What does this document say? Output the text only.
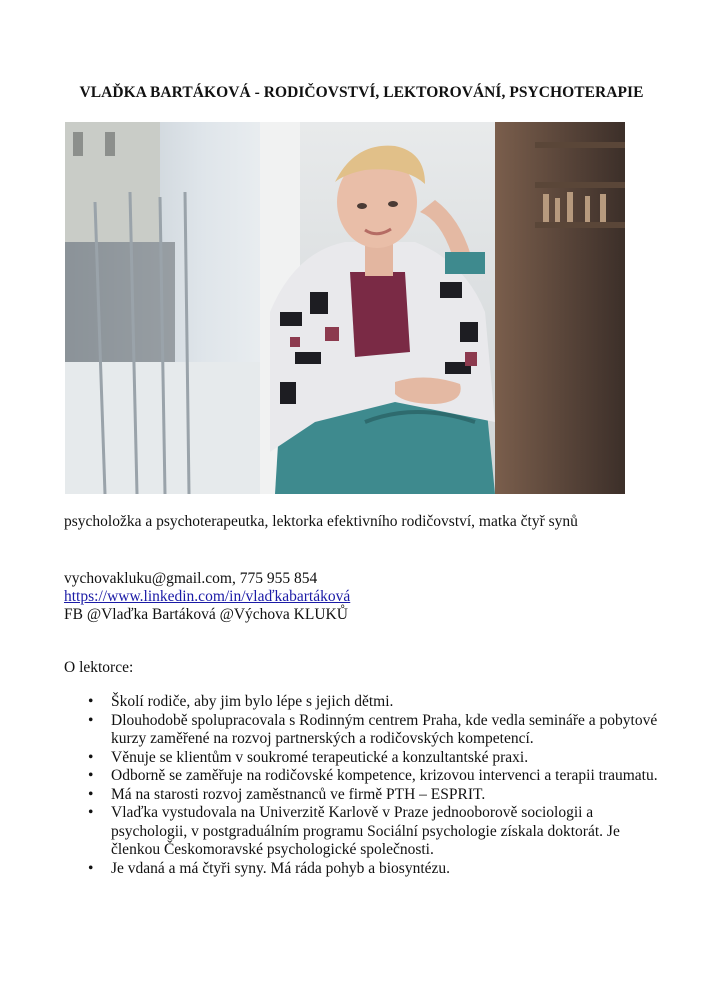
VLAĎKA BARTÁKOVÁ - RODIČOVSTVÍ, LEKTOROVÁNÍ, PSYCHOTERAPIE
psycholožka a psychoterapeutka, lektorka efektivního rodičovství, matka čtyř synů
vychovakluku@gmail.com, 775 955 854
https://www.linkedin.com/in/vlaďkabartáková
FB @Vlaďka Bartáková @Výchova KLUKŮ
O lektorce:
• Školí rodiče, aby jim bylo lépe s jejich dětmi.
• Dlouhodobě spolupracovala s Rodinným centrem Praha, kde vedla semináře a pobytové kurzy zaměřené na rozvoj partnerských a rodičovských kompetencí.
• Věnuje se klientům v soukromé terapeutické a konzultantské praxi.
• Odborně se zaměřuje na rodičovské kompetence, krizovou intervenci a terapii traumatu.
• Má na starosti rozvoj zaměstnanců ve firmě PTH – ESPRIT.
• Vlaďka vystudovala na Univerzitě Karlově v Praze jednooborově sociologii a psychologii, v postgraduálním programu Sociální psychologie získala doktorát. Je členkou Českomoravské psychologické společnosti.
• Je vdaná a má čtyři syny. Má ráda pohyb a biosyntézu.
